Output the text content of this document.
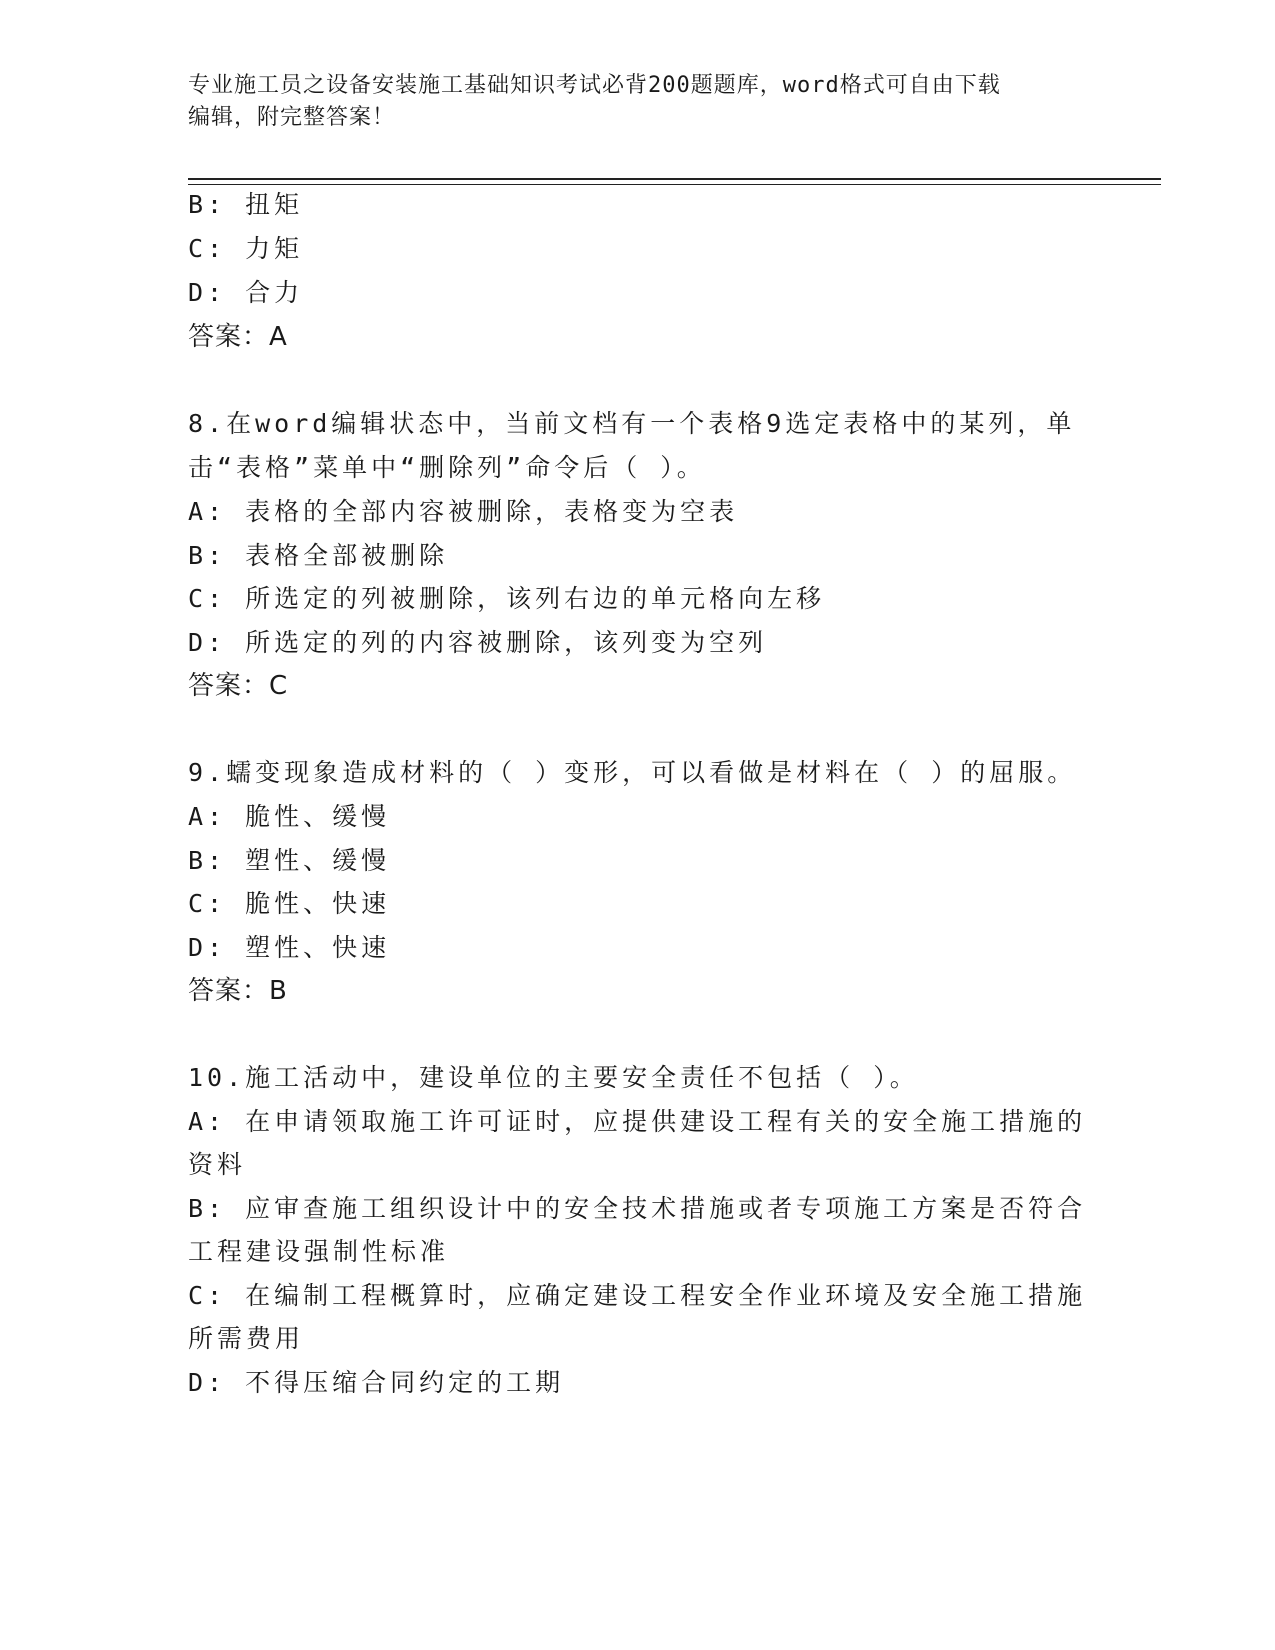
专业施工员之设备安装施工基础知识考试必背200题题库，word格式可自由下载
编辑，附完整答案！
B: 扭矩
C: 力矩
D: 合力
答案：A
8.在word编辑状态中，当前文档有一个表格9选定表格中的某列，单
击“表格”菜单中“删除列”命令后（ ）。
A: 表格的全部内容被删除，表格变为空表
B: 表格全部被删除
C: 所选定的列被删除，该列右边的单元格向左移
D: 所选定的列的内容被删除，该列变为空列
答案：C
9.蠕变现象造成材料的（ ）变形，可以看做是材料在（ ）的屈服。
A: 脆性、缓慢
B: 塑性、缓慢
C: 脆性、快速
D: 塑性、快速
答案：B
10.施工活动中，建设单位的主要安全责任不包括（ ）。
A: 在申请领取施工许可证时，应提供建设工程有关的安全施工措施的
资料
B: 应审查施工组织设计中的安全技术措施或者专项施工方案是否符合
工程建设强制性标准
C: 在编制工程概算时，应确定建设工程安全作业环境及安全施工措施
所需费用
D: 不得压缩合同约定的工期
